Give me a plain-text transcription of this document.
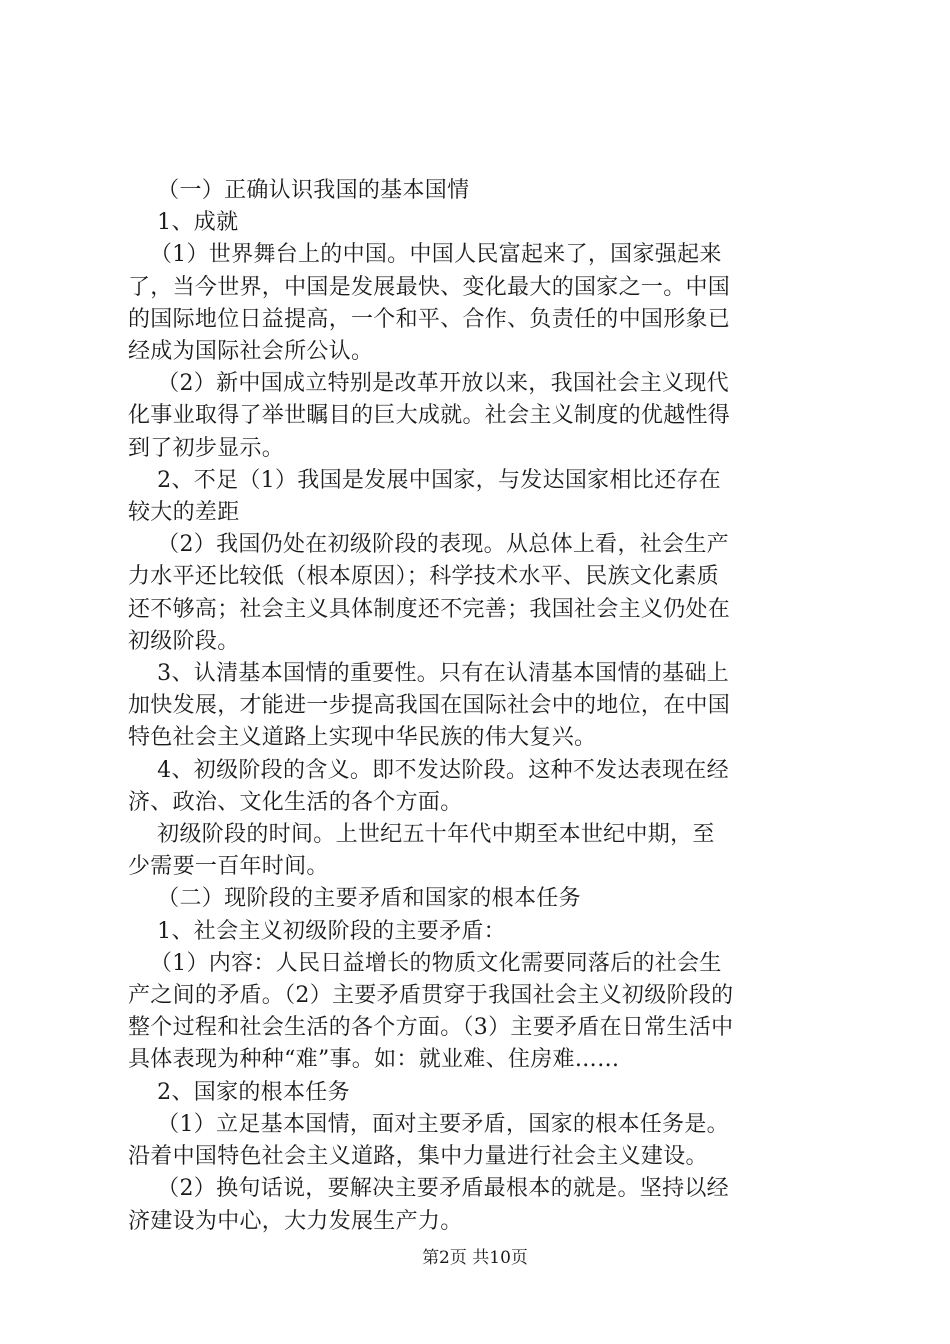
（一）正确认识我国的基本国情
1、成就
（1）世界舞台上的中国。中国人民富起来了，国家强起来
了，当今世界，中国是发展最快、变化最大的国家之一。中国
的国际地位日益提高，一个和平、合作、负责任的中国形象已
经成为国际社会所公认。
（2）新中国成立特别是改革开放以来，我国社会主义现代
化事业取得了举世瞩目的巨大成就。社会主义制度的优越性得
到了初步显示。
2、不足（1）我国是发展中国家，与发达国家相比还存在
较大的差距
（2）我国仍处在初级阶段的表现。从总体上看，社会生产
力水平还比较低（根本原因）；科学技术水平、民族文化素质
还不够高；社会主义具体制度还不完善；我国社会主义仍处在
初级阶段。
3、认清基本国情的重要性。只有在认清基本国情的基础上
加快发展，才能进一步提高我国在国际社会中的地位，在中国
特色社会主义道路上实现中华民族的伟大复兴。
4、初级阶段的含义。即不发达阶段。这种不发达表现在经
济、政治、文化生活的各个方面。
初级阶段的时间。上世纪五十年代中期至本世纪中期，至
少需要一百年时间。
（二）现阶段的主要矛盾和国家的根本任务
1、社会主义初级阶段的主要矛盾：
（1）内容：人民日益增长的物质文化需要同落后的社会生
产之间的矛盾。（2）主要矛盾贯穿于我国社会主义初级阶段的
整个过程和社会生活的各个方面。（3）主要矛盾在日常生活中
具体表现为种种“难”事。如：就业难、住房难……
2、国家的根本任务
（1）立足基本国情，面对主要矛盾，国家的根本任务是。
沿着中国特色社会主义道路，集中力量进行社会主义建设。
（2）换句话说，要解决主要矛盾最根本的就是。坚持以经
济建设为中心，大力发展生产力。
第2页 共10页
